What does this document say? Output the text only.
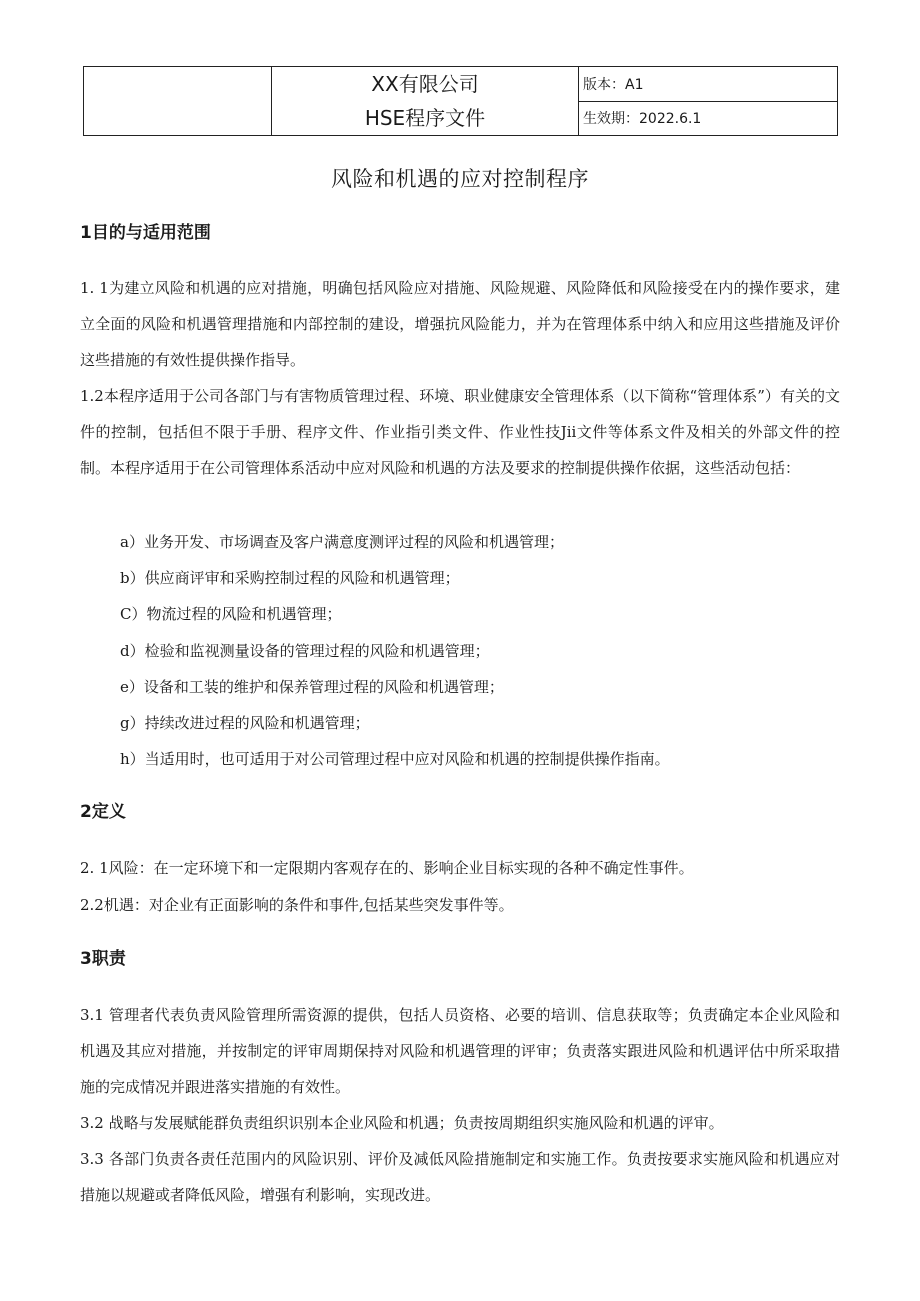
XX有限公司
HSE程序文件
	版本：A1
生效期：2022.6.1
风险和机遇的应对控制程序
1目的与适用范围
1. 1为建立风险和机遇的应对措施，明确包括风险应对措施、风险规避、风险降低和风险接受在内的操作要求，建立全面的风险和机遇管理措施和内部控制的建设，增强抗风险能力，并为在管理体系中纳入和应用这些措施及评价这些措施的有效性提供操作指导。
1.2本程序适用于公司各部门与有害物质管理过程、环境、职业健康安全管理体系（以下简称“管理体系”）有关的文件的控制，包括但不限于手册、程序文件、作业指引类文件、作业性技Jii文件等体系文件及相关的外部文件的控制。本程序适用于在公司管理体系活动中应对风险和机遇的方法及要求的控制提供操作依据，这些活动包括：
a）业务开发、市场调查及客户满意度测评过程的风险和机遇管理；
b）供应商评审和采购控制过程的风险和机遇管理；
C）物流过程的风险和机遇管理；
d）检验和监视测量设备的管理过程的风险和机遇管理；
e）设备和工装的维护和保养管理过程的风险和机遇管理；
g）持续改进过程的风险和机遇管理；
h）当适用时，也可适用于对公司管理过程中应对风险和机遇的控制提供操作指南。
2定义
2. 1风险：在一定环境下和一定限期内客观存在的、影响企业目标实现的各种不确定性事件。
2.2机遇：对企业有正面影响的条件和事件,包括某些突发事件等。
3职责
3.1 管理者代表负责风险管理所需资源的提供，包括人员资格、必要的培训、信息获取等；负责确定本企业风险和机遇及其应对措施，并按制定的评审周期保持对风险和机遇管理的评审；负责落实跟进风险和机遇评估中所采取措施的完成情况并跟进落实措施的有效性。
3.2 战略与发展赋能群负责组织识别本企业风险和机遇；负责按周期组织实施风险和机遇的评审。
3.3 各部门负责各责任范围内的风险识别、评价及减低风险措施制定和实施工作。负责按要求实施风险和机遇应对措施以规避或者降低风险，增强有利影响，实现改进。
